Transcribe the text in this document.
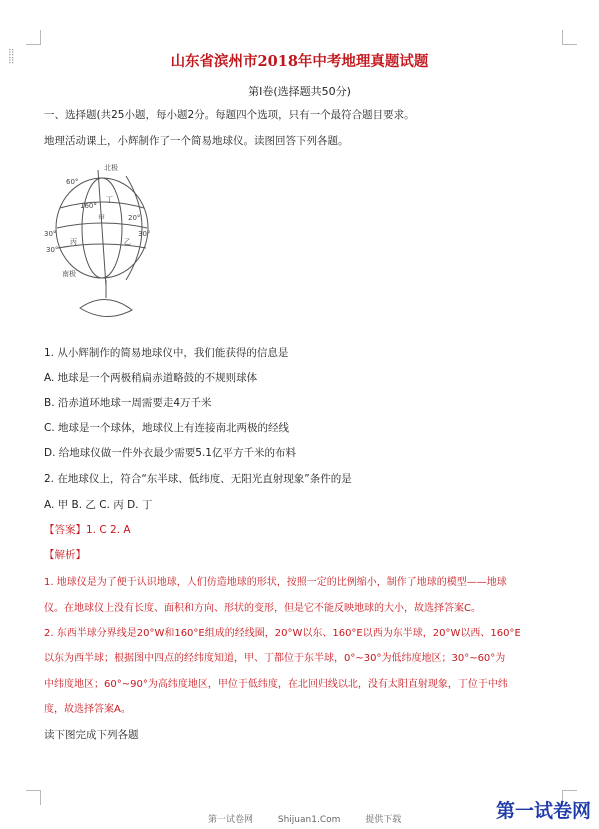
⠿
⠿	山东省滨州市2018年中考地理真题试题
第Ⅰ卷(选择题共50分)
一、选择题(共25小题，每小题2分。每题四个选项，只有一个最符合题目要求。
地理活动课上，小辉制作了一个简易地球仪。读图回答下列各题。
北极
南极
60°
160°
20°
30°
30°
30°
甲
乙
丙
丁
1. 从小辉制作的简易地球仪中，我们能获得的信息是
A. 地球是一个两极稍扁赤道略鼓的不规则球体
B. 沿赤道环地球一周需要走4万千米
C. 地球是一个球体，地球仪上有连接南北两极的经线
D. 给地球仪做一件外衣最少需要5.1亿平方千米的布料
2. 在地球仪上，符合“东半球、低纬度、无阳光直射现象”条件的是
A. 甲 B. 乙 C. 丙 D. 丁
【答案】1. C 2. A
【解析】
1. 地球仪是为了便于认识地球，人们仿造地球的形状，按照一定的比例缩小，制作了地球的模型——地球
仪。在地球仪上没有长度、面积和方向、形状的变形，但是它不能反映地球的大小，故选择答案C。
2. 东西半球分界线是20°W和160°E组成的经线圈，20°W以东、160°E以西为东半球，20°W以西、160°E
以东为西半球；根据图中四点的经纬度知道，甲、丁都位于东半球，0°~30°为低纬度地区；30°~60°为
中纬度地区；60°~90°为高纬度地区，甲位于低纬度，在北回归线以北，没有太阳直射现象，丁位于中纬
度，故选择答案A。
读下图完成下列各题
第一试卷网	Shijuan1.Com	提供下载	第一试卷网
